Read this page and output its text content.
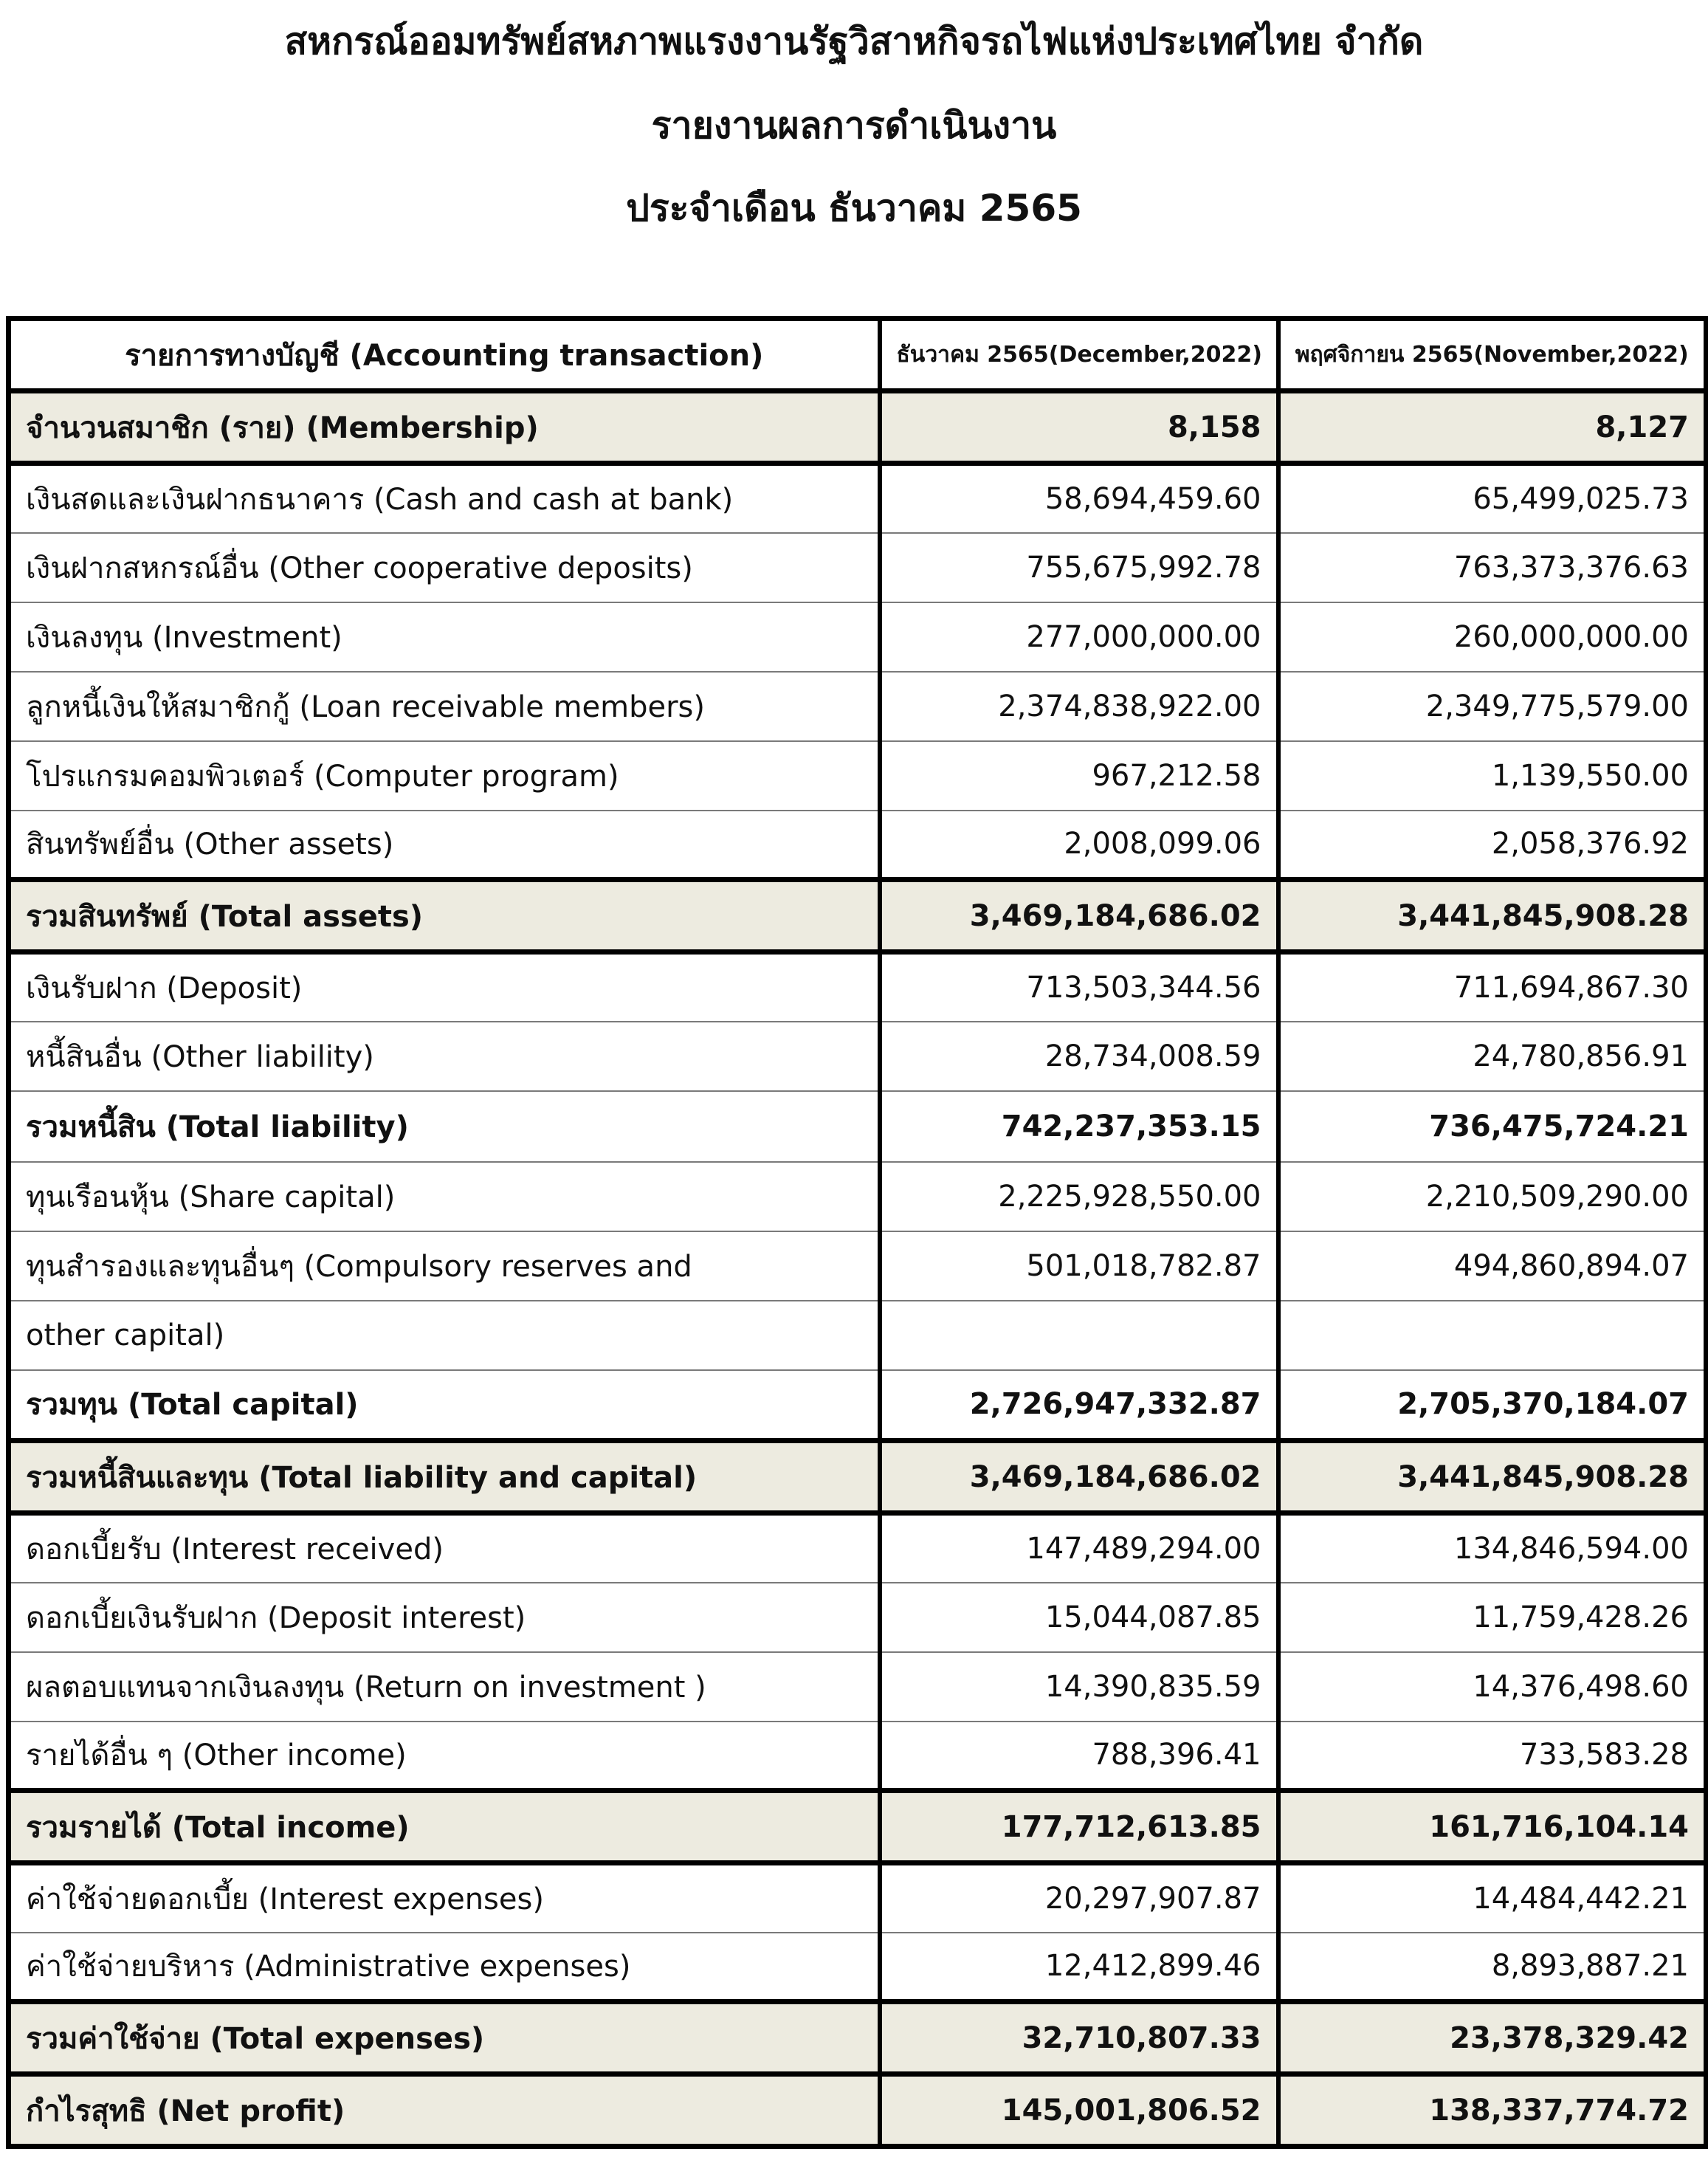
สหกรณ์ออมทรัพย์สหภาพแรงงานรัฐวิสาหกิจรถไฟแห่งประเทศไทย จำกัด
รายงานผลการดำเนินงาน
ประจำเดือน ธันวาคม 2565
รายการทางบัญชี (Accounting transaction)	ธันวาคม 2565(December,2022)	พฤศจิกายน 2565(November,2022)
จำนวนสมาชิก (ราย) (Membership)	8,158	8,127
เงินสดและเงินฝากธนาคาร (Cash and cash at bank)	58,694,459.60	65,499,025.73
เงินฝากสหกรณ์อื่น (Other cooperative deposits)	755,675,992.78	763,373,376.63
เงินลงทุน (Investment)	277,000,000.00	260,000,000.00
ลูกหนี้เงินให้สมาชิกกู้ (Loan receivable members)	2,374,838,922.00	2,349,775,579.00
โปรแกรมคอมพิวเตอร์ (Computer program)	967,212.58	1,139,550.00
สินทรัพย์อื่น (Other assets)	2,008,099.06	2,058,376.92
รวมสินทรัพย์ (Total assets)	3,469,184,686.02	3,441,845,908.28
เงินรับฝาก (Deposit)	713,503,344.56	711,694,867.30
หนี้สินอื่น (Other liability)	28,734,008.59	24,780,856.91
รวมหนี้สิน (Total liability)	742,237,353.15	736,475,724.21
ทุนเรือนหุ้น (Share capital)	2,225,928,550.00	2,210,509,290.00
ทุนสำรองและทุนอื่นๆ (Compulsory reserves and	501,018,782.87	494,860,894.07
other capital)		
รวมทุน (Total capital)	2,726,947,332.87	2,705,370,184.07
รวมหนี้สินและทุน (Total liability and capital)	3,469,184,686.02	3,441,845,908.28
ดอกเบี้ยรับ (Interest received)	147,489,294.00	134,846,594.00
ดอกเบี้ยเงินรับฝาก (Deposit interest)	15,044,087.85	11,759,428.26
ผลตอบแทนจากเงินลงทุน (Return on investment )	14,390,835.59	14,376,498.60
รายได้อื่น ๆ (Other income)	788,396.41	733,583.28
รวมรายได้ (Total income)	177,712,613.85	161,716,104.14
ค่าใช้จ่ายดอกเบี้ย (Interest expenses)	20,297,907.87	14,484,442.21
ค่าใช้จ่ายบริหาร (Administrative expenses)	12,412,899.46	8,893,887.21
รวมค่าใช้จ่าย (Total expenses)	32,710,807.33	23,378,329.42
กำไรสุทธิ (Net profit)	145,001,806.52	138,337,774.72
